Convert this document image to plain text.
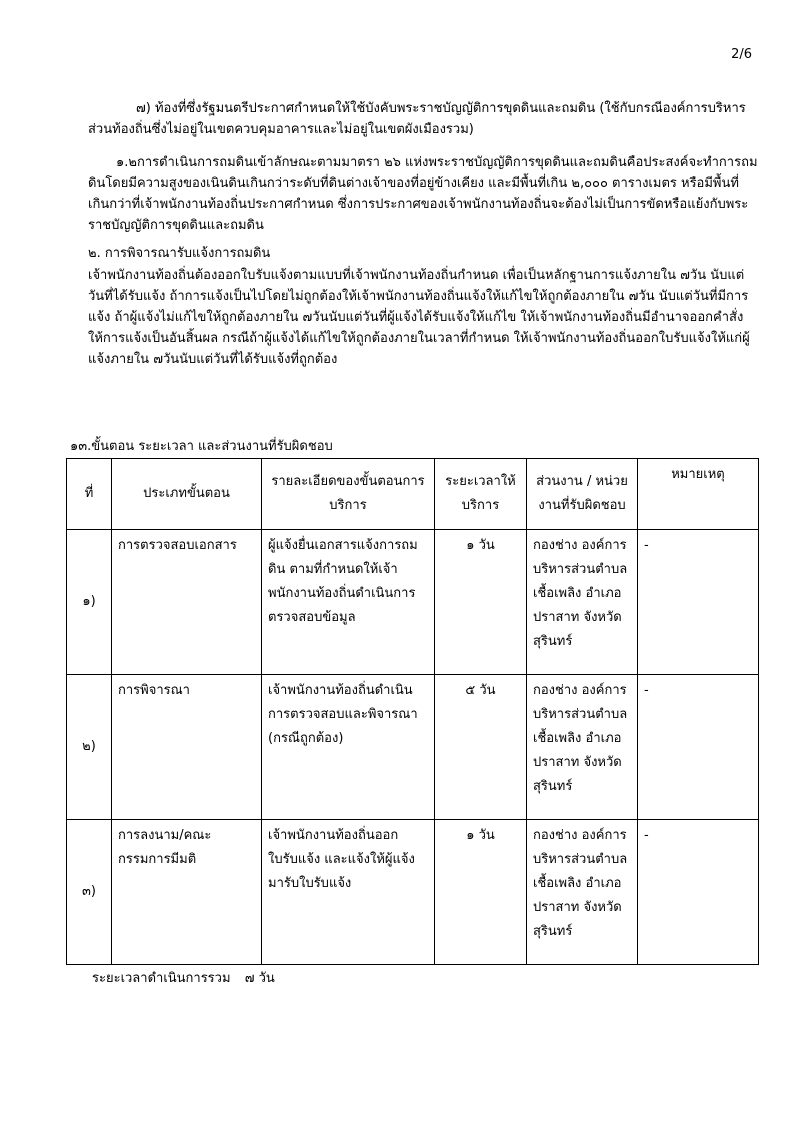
2/6

๗) ท้องที่ซึ่งรัฐมนตรีประกาศกำหนดให้ใช้บังคับพระราชบัญญัติการขุดดินและถมดิน (ใช้กับกรณีองค์การบริหารส่วนท้องถิ่นซึ่งไม่อยู่ในเขตควบคุมอาคารและไม่อยู่ในเขตผังเมืองรวม)

๑.๒การดำเนินการถมดินเข้าลักษณะตามมาตรา ๒๖ แห่งพระราชบัญญัติการขุดดินและถมดินคือประสงค์จะทำการถมดินโดยมีความสูงของเนินดินเกินกว่าระดับที่ดินต่างเจ้าของที่อยู่ข้างเคียง และมีพื้นที่เกิน ๒,๐๐๐ ตารางเมตร หรือมีพื้นที่เกินกว่าที่เจ้าพนักงานท้องถิ่นประกาศกำหนด ซึ่งการประกาศของเจ้าพนักงานท้องถิ่นจะต้องไม่เป็นการขัดหรือแย้งกับพระราชบัญญัติการขุดดินและถมดิน

๒. การพิจารณารับแจ้งการถมดิน

เจ้าพนักงานท้องถิ่นต้องออกใบรับแจ้งตามแบบที่เจ้าพนักงานท้องถิ่นกำหนด เพื่อเป็นหลักฐานการแจ้งภายใน ๗วัน นับแต่วันที่ได้รับแจ้ง ถ้าการแจ้งเป็นไปโดยไม่ถูกต้องให้เจ้าพนักงานท้องถิ่นแจ้งให้แก้ไขให้ถูกต้องภายใน ๗วัน นับแต่วันที่มีการแจ้ง ถ้าผู้แจ้งไม่แก้ไขให้ถูกต้องภายใน ๗วันนับแต่วันที่ผู้แจ้งได้รับแจ้งให้แก้ไข ให้เจ้าพนักงานท้องถิ่นมีอำนาจออกคำสั่งให้การแจ้งเป็นอันสิ้นผล กรณีถ้าผู้แจ้งได้แก้ไขให้ถูกต้องภายในเวลาที่กำหนด ให้เจ้าพนักงานท้องถิ่นออกใบรับแจ้งให้แก่ผู้แจ้งภายใน ๗วันนับแต่วันที่ได้รับแจ้งที่ถูกต้อง

๑๓.ขั้นตอน ระยะเวลา และส่วนงานที่รับผิดชอบ
ที่	ประเภทขั้นตอน	รายละเอียดของขั้นตอนการบริการ	ระยะเวลาให้บริการ	ส่วนงาน / หน่วยงานที่รับผิดชอบ	หมายเหตุ
๑)	การตรวจสอบเอกสาร	ผู้แจ้งยื่นเอกสารแจ้งการถมดิน ตามที่กำหนดให้เจ้าพนักงานท้องถิ่นดำเนินการตรวจสอบข้อมูล	๑ วัน	กองช่าง องค์การบริหารส่วนตำบลเชื้อเพลิง อำเภอปราสาท จังหวัดสุรินทร์	-
๒)	การพิจารณา	เจ้าพนักงานท้องถิ่นดำเนินการตรวจสอบและพิจารณา (กรณีถูกต้อง)	๕ วัน	กองช่าง องค์การบริหารส่วนตำบลเชื้อเพลิง อำเภอปราสาท จังหวัดสุรินทร์	-
๓)	การลงนาม/คณะกรรมการมีมติ	เจ้าพนักงานท้องถิ่นออกใบรับแจ้ง และแจ้งให้ผู้แจ้งมารับใบรับแจ้ง	๑ วัน	กองช่าง องค์การบริหารส่วนตำบลเชื้อเพลิง อำเภอปราสาท จังหวัดสุรินทร์	-
ระยะเวลาดำเนินการรวม ๗ วัน
